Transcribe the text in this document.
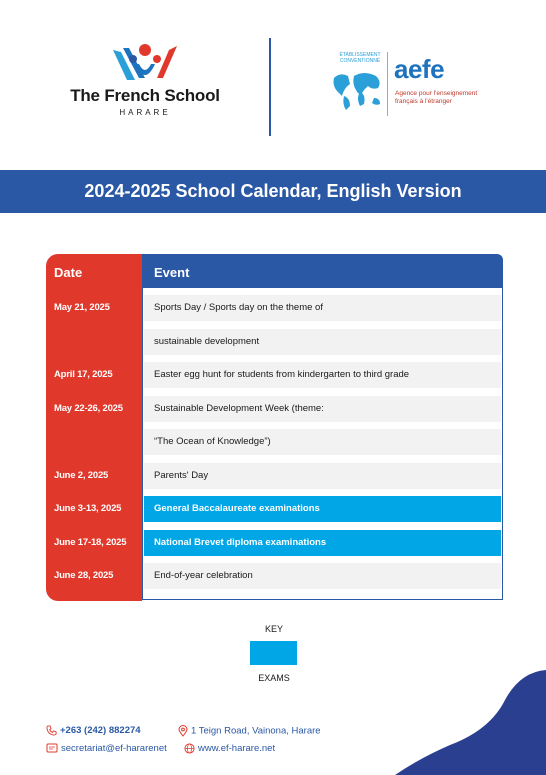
The French School
HARARE
ÉTABLISSEMENT CONVENTIONNÉ aefe
Agence pour l'enseignement français à l'étranger
2024-2025 School Calendar, English Version
Date	Event
May 21, 2025	Sports Day / Sports day on the theme of
sustainable development
April 17, 2025	Easter egg hunt for students from kindergarten to third grade
May 22-26, 2025	Sustainable Development Week (theme:
“The Ocean of Knowledge”)
June 2, 2025	Parents' Day
June 3-13, 2025	General Baccalaureate examinations
June 17-18, 2025	National Brevet diploma examinations
June 28, 2025	End-of-year celebration
KEY
EXAMS
+263 (242) 882274	1 Teign Road, Vainona, Harare
secretariat@ef-hararenet	www.ef-harare.net
